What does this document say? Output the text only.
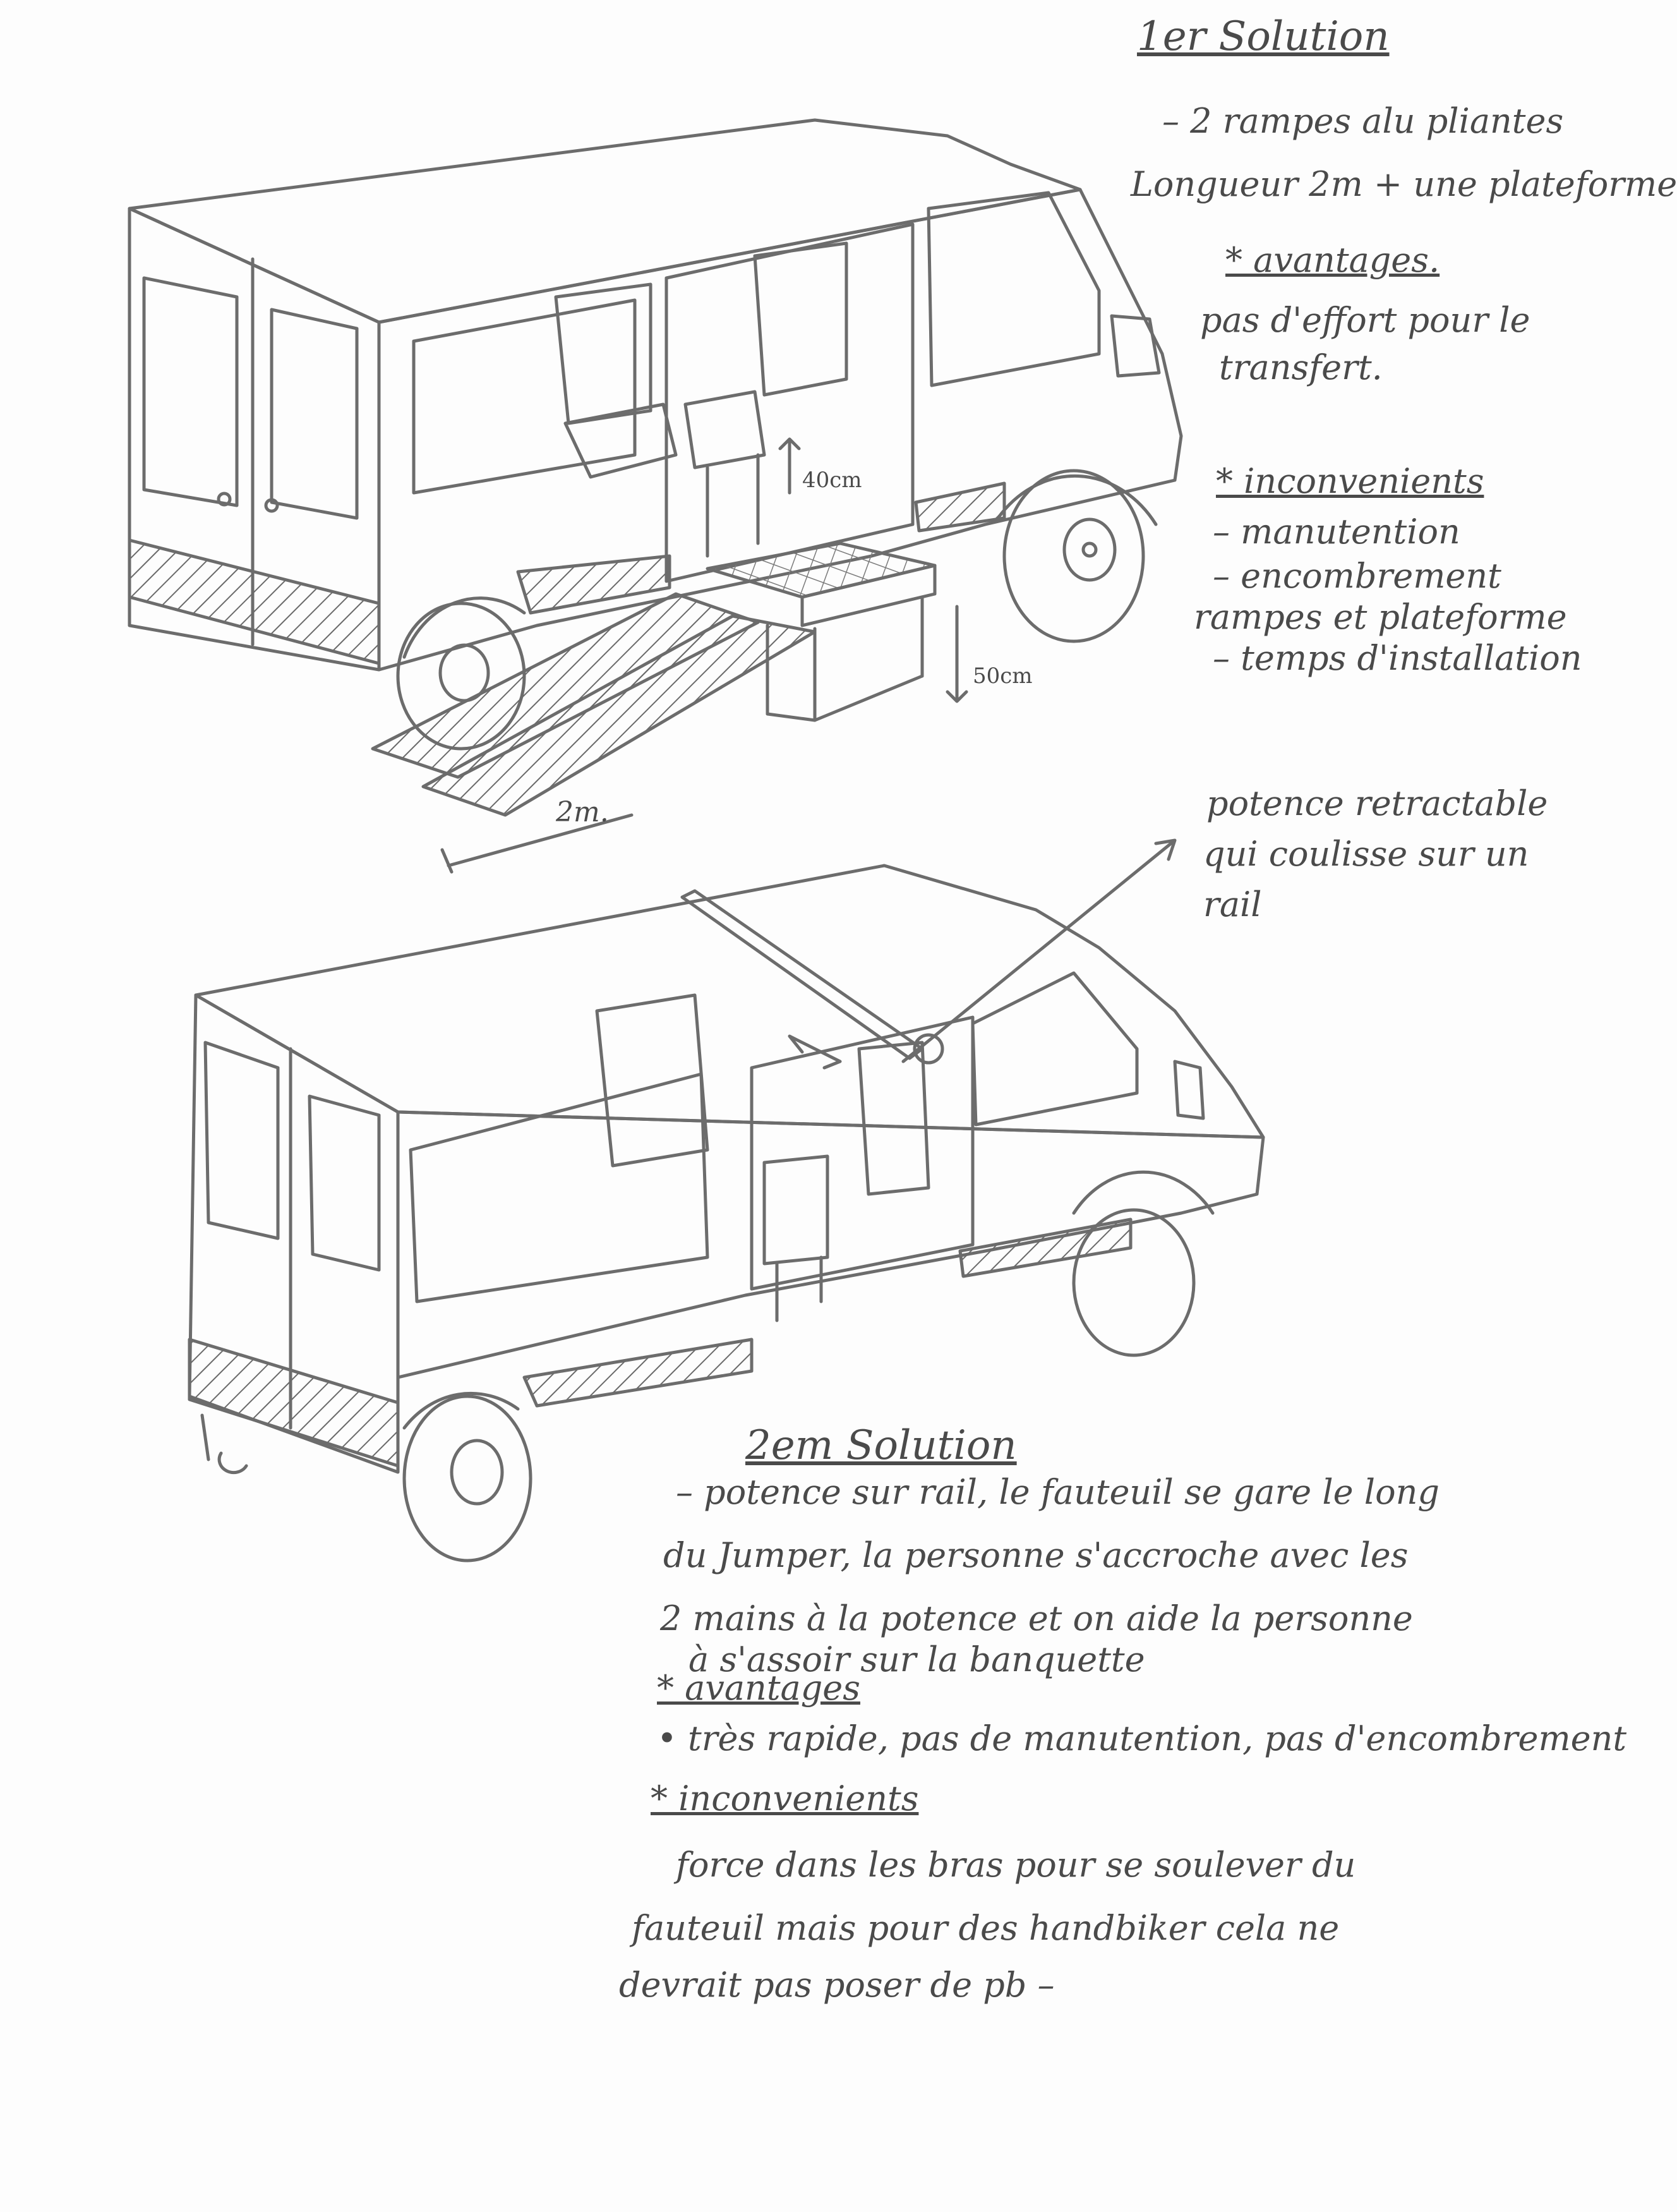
1er Solution
– 2 rampes alu pliantes
Longueur 2m + une plateforme
* avantages.
pas d'effort pour le
transfert.
* inconvenients
– manutention
– encombrement
rampes et plateforme
– temps d'installation
40cm
50cm
2m.	potence retractable
qui coulisse sur un
rail
2em Solution
– potence sur rail, le fauteuil se gare le long
du Jumper, la personne s'accroche avec les
2 mains à la potence et on aide la personne
à s'assoir sur la banquette
* avantages
• très rapide, pas de manutention, pas d'encombrement
* inconvenients
force dans les bras pour se soulever du
fauteuil mais pour des handbiker cela ne
devrait pas poser de pb –
